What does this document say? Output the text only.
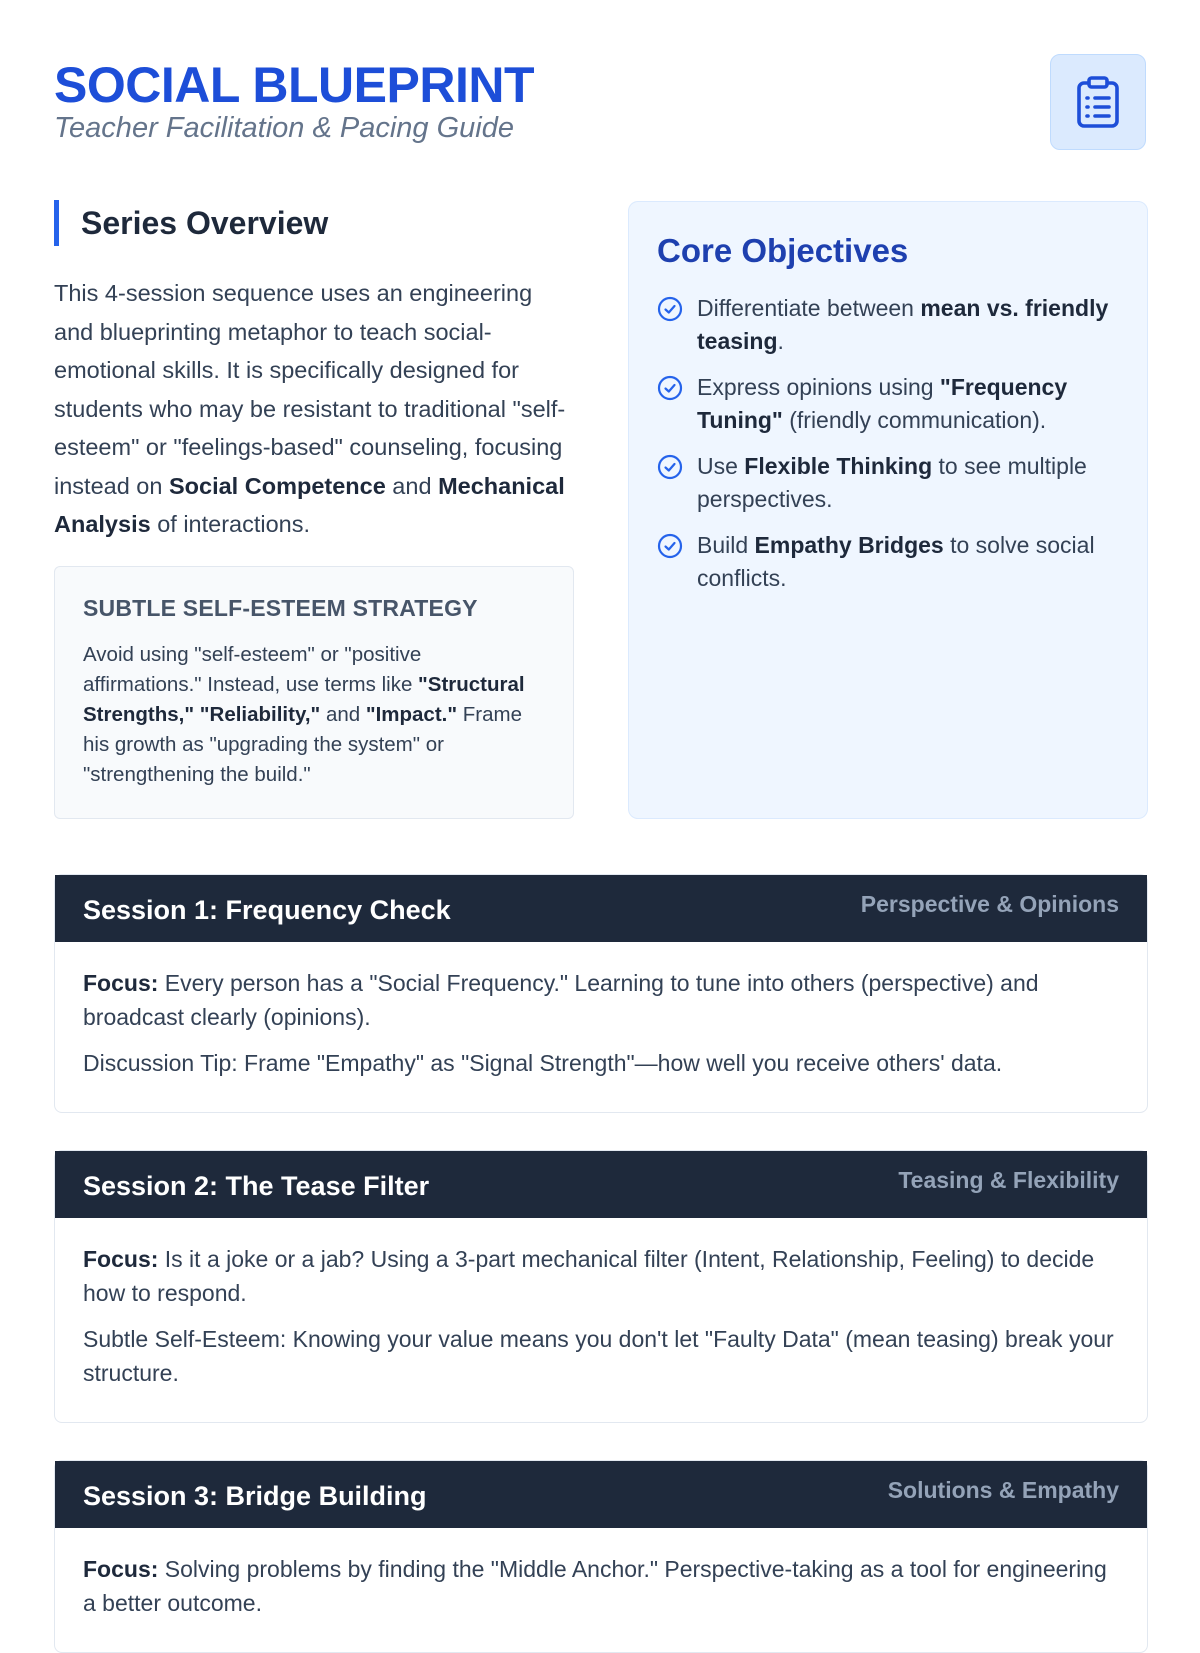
SOCIAL BLUEPRINT
Teacher Facilitation & Pacing Guide
Series Overview
This 4-session sequence uses an engineering and blueprinting metaphor to teach social-emotional skills. It is specifically designed for students who may be resistant to traditional "self-esteem" or "feelings-based" counseling, focusing instead on Social Competence and Mechanical Analysis of interactions.
SUBTLE SELF-ESTEEM STRATEGY
Avoid using "self-esteem" or "positive affirmations." Instead, use terms like "Structural Strengths," "Reliability," and "Impact." Frame his growth as "upgrading the system" or "strengthening the build."
Core Objectives
Differentiate between mean vs. friendly teasing.
Express opinions using "Frequency Tuning" (friendly communication).
Use Flexible Thinking to see multiple perspectives.
Build Empathy Bridges to solve social conflicts.
Session 1: Frequency Check	Perspective & Opinions

Focus: Every person has a "Social Frequency." Learning to tune into others (perspective) and broadcast clearly (opinions).

Discussion Tip: Frame "Empathy" as "Signal Strength"—how well you receive others' data.

Session 2: The Tease Filter	Teasing & Flexibility

Focus: Is it a joke or a jab? Using a 3-part mechanical filter (Intent, Relationship, Feeling) to decide how to respond.

Subtle Self-Esteem: Knowing your value means you don't let "Faulty Data" (mean teasing) break your structure.

Session 3: Bridge Building	Solutions & Empathy

Focus: Solving problems by finding the "Middle Anchor." Perspective-taking as a tool for engineering a better outcome.
